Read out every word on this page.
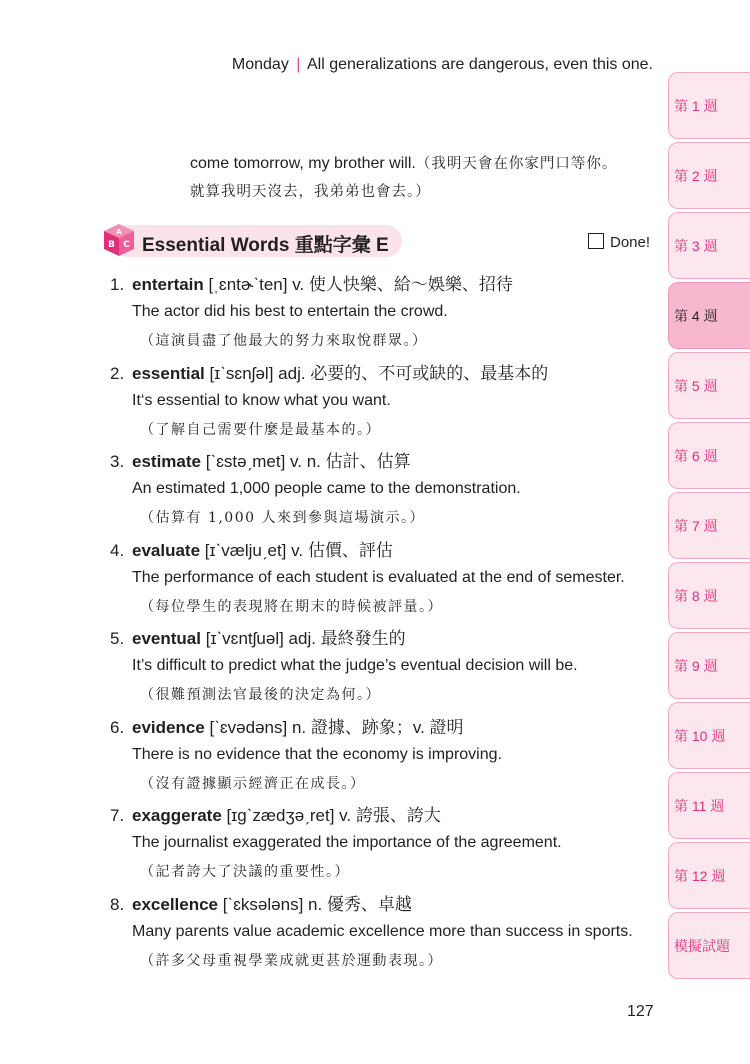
Monday | All generalizations are dangerous, even this one.
come tomorrow, my brother will.（我明天會在你家門口等你。
就算我明天沒去，我弟弟也會去。）
A
B C Essential Words 重點字彙 E	Done!
1. entertain [ˌɛntɚˋten] v. 使人快樂、給～娛樂、招待
The actor did his best to entertain the crowd.
（這演員盡了他最大的努力來取悅群眾。）
2. essential [ɪˋsɛnʃəl] adj. 必要的、不可或缺的、最基本的
It‘s essential to know what you want.
（了解自己需要什麼是最基本的。）
3. estimate [ˋɛstəˏmet] v. n. 估計、估算
An estimated 1,000 people came to the demonstration.
（估算有 1,000 人來到參與這場演示。）
4. evaluate [ɪˋvæljuˏet] v. 估價、評估
The performance of each student is evaluated at the end of semester.
（每位學生的表現將在期末的時候被評量。）
5. eventual [ɪˋvɛntʃuəl] adj. 最終發生的
It’s difficult to predict what the judge’s eventual decision will be.
（很難預測法官最後的決定為何。）
6. evidence [ˋɛvədəns] n. 證據、跡象；v. 證明
There is no evidence that the economy is improving.
（沒有證據顯示經濟正在成長。）
7. exaggerate [ɪgˋzædʒəˏret] v. 誇張、誇大
The journalist exaggerated the importance of the agreement.
（記者誇大了決議的重要性。）
8. excellence [ˋɛksələns] n. 優秀、卓越
Many parents value academic excellence more than success in sports.
（許多父母重視學業成就更甚於運動表現。）
第 1 週
第 2 週
第 3 週
第 4 週
第 5 週
第 6 週
第 7 週
第 8 週
第 9 週
第 10 週
第 11 週
第 12 週
模擬試題
127
